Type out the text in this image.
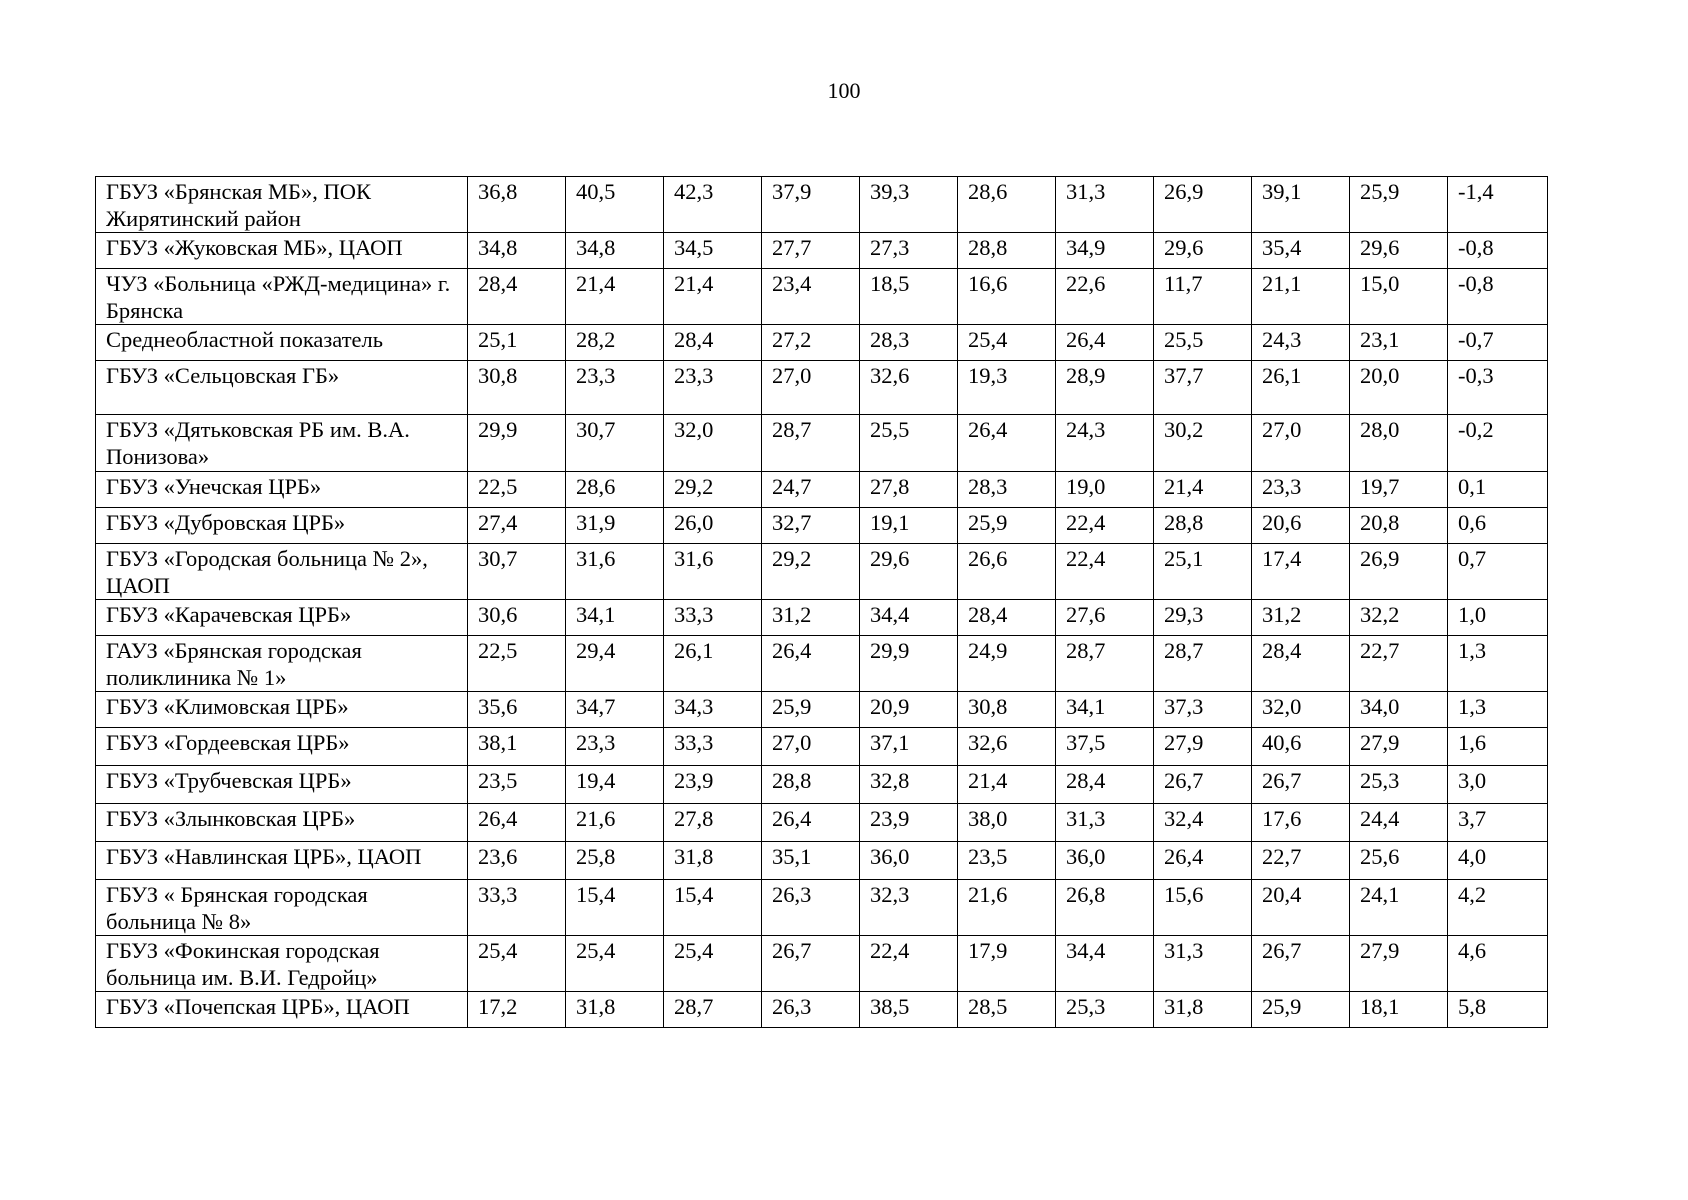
100
ГБУЗ «Брянская МБ», ПОК Жирятинский район	36,8	40,5	42,3	37,9	39,3	28,6	31,3	26,9	39,1	25,9	-1,4
ГБУЗ «Жуковская МБ», ЦАОП	34,8	34,8	34,5	27,7	27,3	28,8	34,9	29,6	35,4	29,6	-0,8
ЧУЗ «Больница «РЖД-медицина» г. Брянска	28,4	21,4	21,4	23,4	18,5	16,6	22,6	11,7	21,1	15,0	-0,8
Среднеобластной показатель	25,1	28,2	28,4	27,2	28,3	25,4	26,4	25,5	24,3	23,1	-0,7
ГБУЗ «Сельцовская ГБ»	30,8	23,3	23,3	27,0	32,6	19,3	28,9	37,7	26,1	20,0	-0,3
ГБУЗ «Дятьковская РБ им. В.А. Понизова»	29,9	30,7	32,0	28,7	25,5	26,4	24,3	30,2	27,0	28,0	-0,2
ГБУЗ «Унечская ЦРБ»	22,5	28,6	29,2	24,7	27,8	28,3	19,0	21,4	23,3	19,7	0,1
ГБУЗ «Дубровская ЦРБ»	27,4	31,9	26,0	32,7	19,1	25,9	22,4	28,8	20,6	20,8	0,6
ГБУЗ «Городская больница № 2», ЦАОП	30,7	31,6	31,6	29,2	29,6	26,6	22,4	25,1	17,4	26,9	0,7
ГБУЗ «Карачевская ЦРБ»	30,6	34,1	33,3	31,2	34,4	28,4	27,6	29,3	31,2	32,2	1,0
ГАУЗ «Брянская городская поликлиника № 1»	22,5	29,4	26,1	26,4	29,9	24,9	28,7	28,7	28,4	22,7	1,3
ГБУЗ «Климовская ЦРБ»	35,6	34,7	34,3	25,9	20,9	30,8	34,1	37,3	32,0	34,0	1,3
ГБУЗ «Гордеевская ЦРБ»	38,1	23,3	33,3	27,0	37,1	32,6	37,5	27,9	40,6	27,9	1,6
ГБУЗ «Трубчевская ЦРБ»	23,5	19,4	23,9	28,8	32,8	21,4	28,4	26,7	26,7	25,3	3,0
ГБУЗ «Злынковская ЦРБ»	26,4	21,6	27,8	26,4	23,9	38,0	31,3	32,4	17,6	24,4	3,7
ГБУЗ «Навлинская ЦРБ», ЦАОП	23,6	25,8	31,8	35,1	36,0	23,5	36,0	26,4	22,7	25,6	4,0
ГБУЗ « Брянская городская больница № 8»	33,3	15,4	15,4	26,3	32,3	21,6	26,8	15,6	20,4	24,1	4,2
ГБУЗ «Фокинская городская больница им. В.И. Гедройц»	25,4	25,4	25,4	26,7	22,4	17,9	34,4	31,3	26,7	27,9	4,6
ГБУЗ «Почепская ЦРБ», ЦАОП	17,2	31,8	28,7	26,3	38,5	28,5	25,3	31,8	25,9	18,1	5,8
